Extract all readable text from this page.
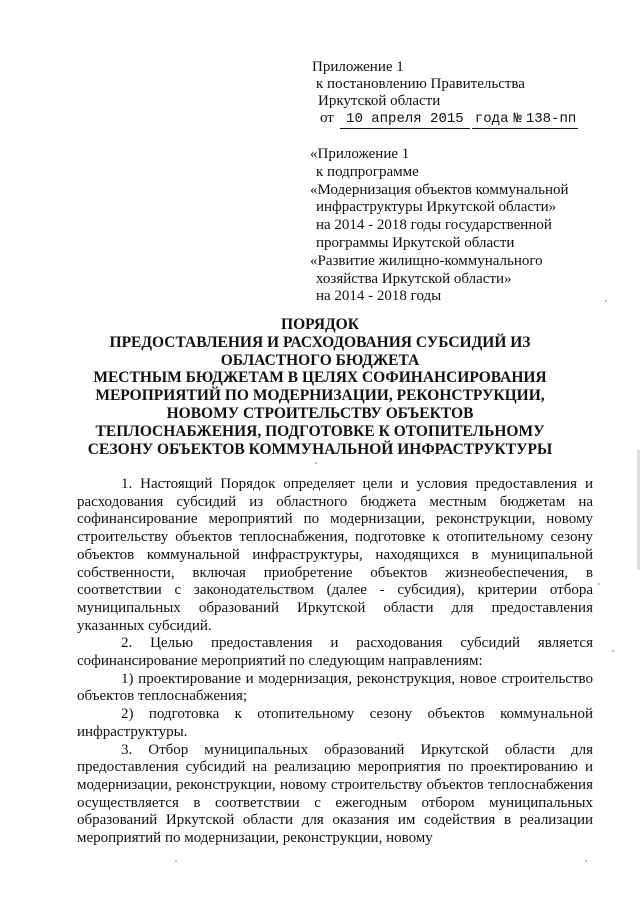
Приложение 1
к постановлению Правительства
Иркутской области
от 10 апреля 2015 года № 138-пп
«Приложение 1
к подпрограмме
«Модернизация объектов коммунальной
инфраструктуры Иркутской области»
на 2014 - 2018 годы государственной
программы Иркутской области
«Развитие жилищно-коммунального
хозяйства Иркутской области»
на 2014 - 2018 годы
ПОРЯДОК
ПРЕДОСТАВЛЕНИЯ И РАСХОДОВАНИЯ СУБСИДИЙ ИЗ
ОБЛАСТНОГО БЮДЖЕТА
МЕСТНЫМ БЮДЖЕТАМ В ЦЕЛЯХ СОФИНАНСИРОВАНИЯ
МЕРОПРИЯТИЙ ПО МОДЕРНИЗАЦИИ, РЕКОНСТРУКЦИИ,
НОВОМУ СТРОИТЕЛЬСТВУ ОБЪЕКТОВ
ТЕПЛОСНАБЖЕНИЯ, ПОДГОТОВКЕ К ОТОПИТЕЛЬНОМУ
СЕЗОНУ ОБЪЕКТОВ КОММУНАЛЬНОЙ ИНФРАСТРУКТУРЫ

1. Настоящий Порядок определяет цели и условия предоставления и расходования субсидий из областного бюджета местным бюджетам на софинансирование мероприятий по модернизации, реконструкции, новому строительству объектов теплоснабжения, подготовке к отопительному сезону объектов коммунальной инфраструктуры, находящихся в муниципальной собственности, включая приобретение объектов жизнеобеспечения, в соответствии с законодательством (далее - субсидия), критерии отбора муниципальных образований Иркутской области для предоставления указанных субсидий.

2. Целью предоставления и расходования субсидий является софинансирование мероприятий по следующим направлениям:

1) проектирование и модернизация, реконструкция, новое строительство объектов теплоснабжения;

2) подготовка к отопительному сезону объектов коммунальной инфраструктуры.

3. Отбор муниципальных образований Иркутской области для предоставления субсидий на реализацию мероприятия по проектированию и модернизации, реконструкции, новому строительству объектов теплоснабжения осуществляется в соответствии с ежегодным отбором муниципальных образований Иркутской области для оказания им содействия в реализации мероприятий по модернизации, реконструкции, новому
